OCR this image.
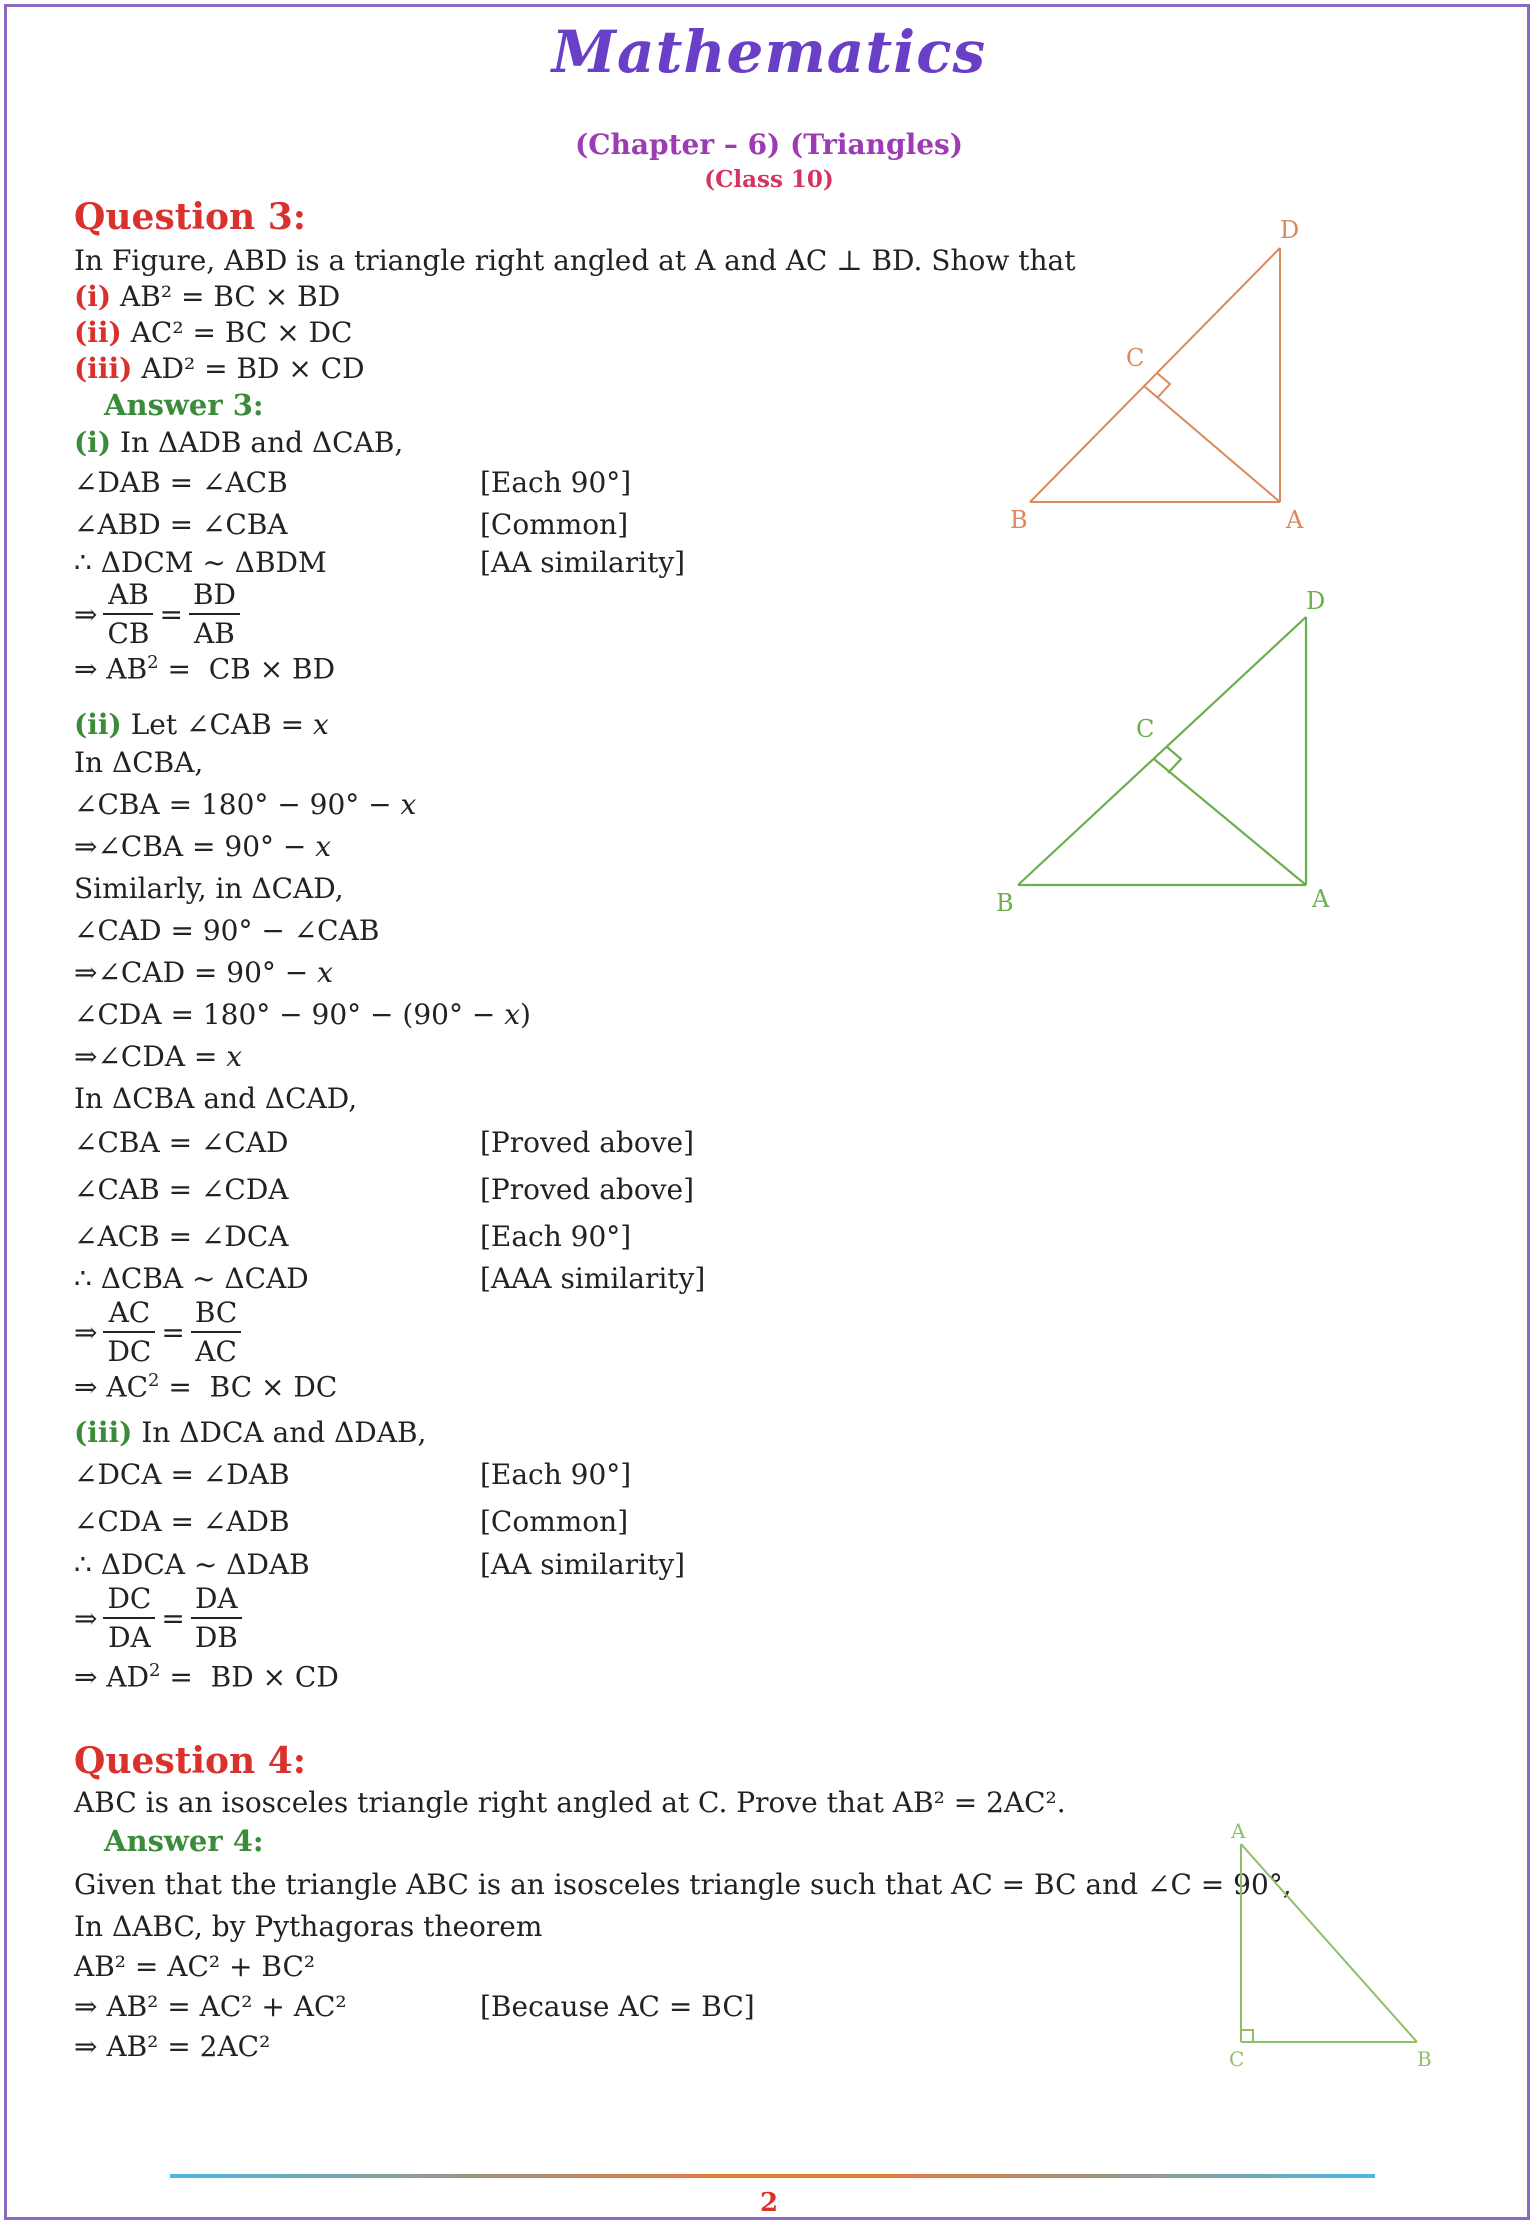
Mathematics
(Chapter – 6) (Triangles)
(Class 10)
Question 3:
In Figure, ABD is a triangle right angled at A and AC ⊥ BD. Show that
(i) AB² = BC × BD
(ii) AC² = BC × DC
(iii) AD² = BD × CD
Answer 3:
(i) In ΔADB and ΔCAB,
∠DAB = ∠ACB	[Each 90°]
∠ABD = ∠CBA	[Common]
∴ ΔDCM ~ ΔBDM	[AA similarity]
⇒ $\frac{AB}{CB} = \frac{BD}{AB}$
⇒ $AB^2$ =  CB × BD
(ii) Let ∠CAB = 𝑥
In ΔCBA,
∠CBA = 180° − 90° − 𝑥
⇒∠CBA = 90° − 𝑥
Similarly, in ΔCAD,
∠CAD = 90° − ∠CAB
⇒∠CAD = 90° − 𝑥
∠CDA = 180° − 90° − (90° − 𝑥)
⇒∠CDA = 𝑥
In ΔCBA and ΔCAD,
∠CBA = ∠CAD	[Proved above]
∠CAB = ∠CDA	[Proved above]
∠ACB = ∠DCA	[Each 90°]
∴ ΔCBA ~ ΔCAD	[AAA similarity]
⇒ $\frac{AC}{DC} = \frac{BC}{AC}$
⇒ $AC^2$ =  BC × DC
(iii) In ΔDCA and ΔDAB,
∠DCA = ∠DAB	[Each 90°]
∠CDA = ∠ADB	[Common]
∴ ΔDCA ~ ΔDAB	[AA similarity]
⇒ $\frac{DC}{DA} = \frac{DA}{DB}$
⇒ $AD^2$ =  BD × CD
D
C
B	A
D
C
B	A
Question 4:
ABC is an isosceles triangle right angled at C. Prove that AB² = 2AC².
Answer 4:
Given that the triangle ABC is an isosceles triangle such that AC = BC and ∠C = 90°,
In ΔABC, by Pythagoras theorem
AB² = AC² + BC²
⇒ AB² = AC² + AC²	[Because AC = BC]
⇒ AB² = 2AC²
A
C	B
2
